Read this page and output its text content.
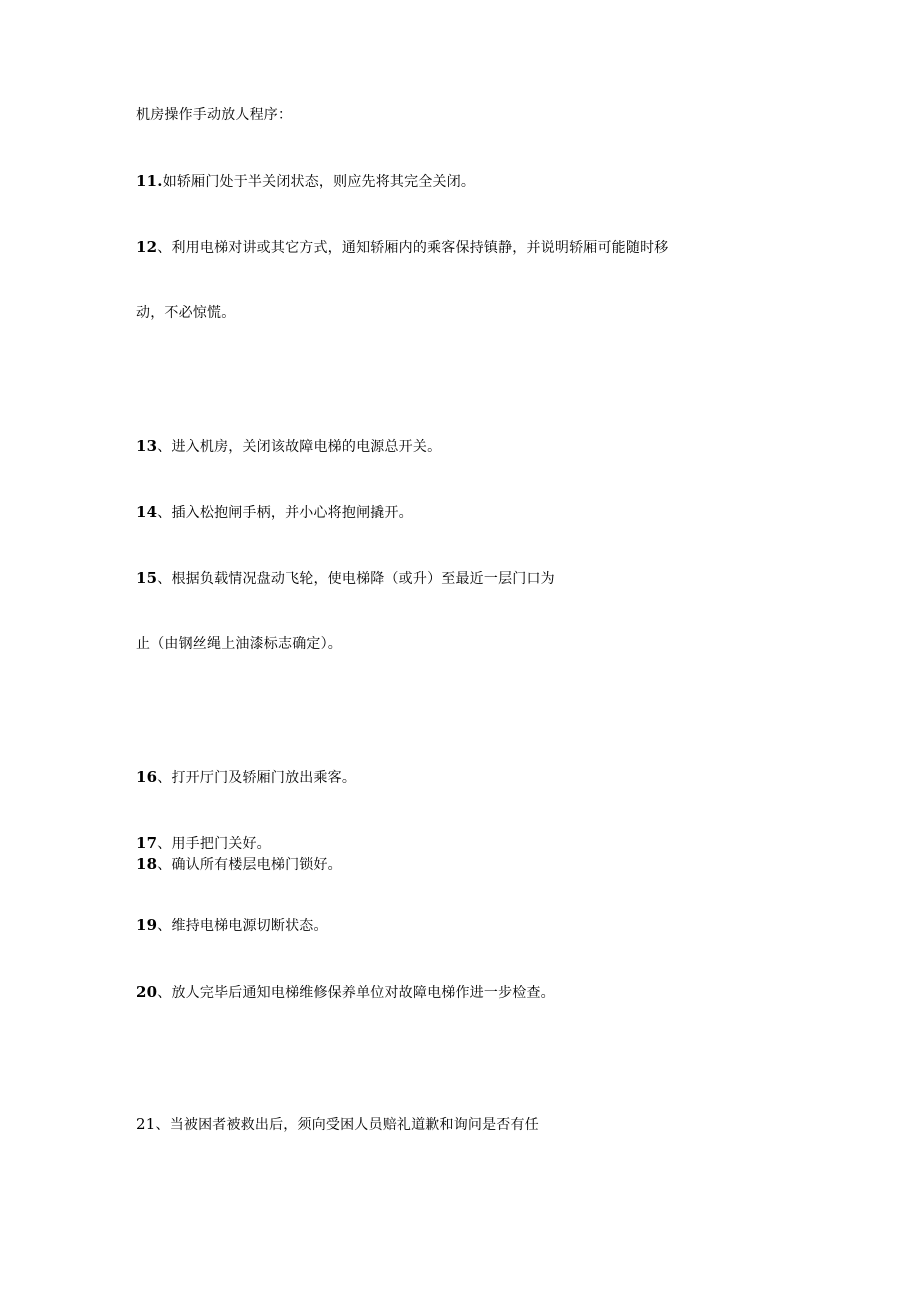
机房操作手动放人程序：
11.如轿厢门处于半关闭状态，则应先将其完全关闭。
12、利用电梯对讲或其它方式，通知轿厢内的乘客保持镇静，并说明轿厢可能随时移
动，不必惊慌。
13、进入机房，关闭该故障电梯的电源总开关。
14、插入松抱闸手柄，并小心将抱闸撬开。
15、根据负载情况盘动飞轮，使电梯降（或升）至最近一层门口为
止（由钢丝绳上油漆标志确定）。
16、打开厅门及轿厢门放出乘客。
17、用手把门关好。
18、确认所有楼层电梯门锁好。
19、维持电梯电源切断状态。
20、放人完毕后通知电梯维修保养单位对故障电梯作进一步检查。
21、当被困者被救出后，须向受困人员赔礼道歉和询问是否有任
